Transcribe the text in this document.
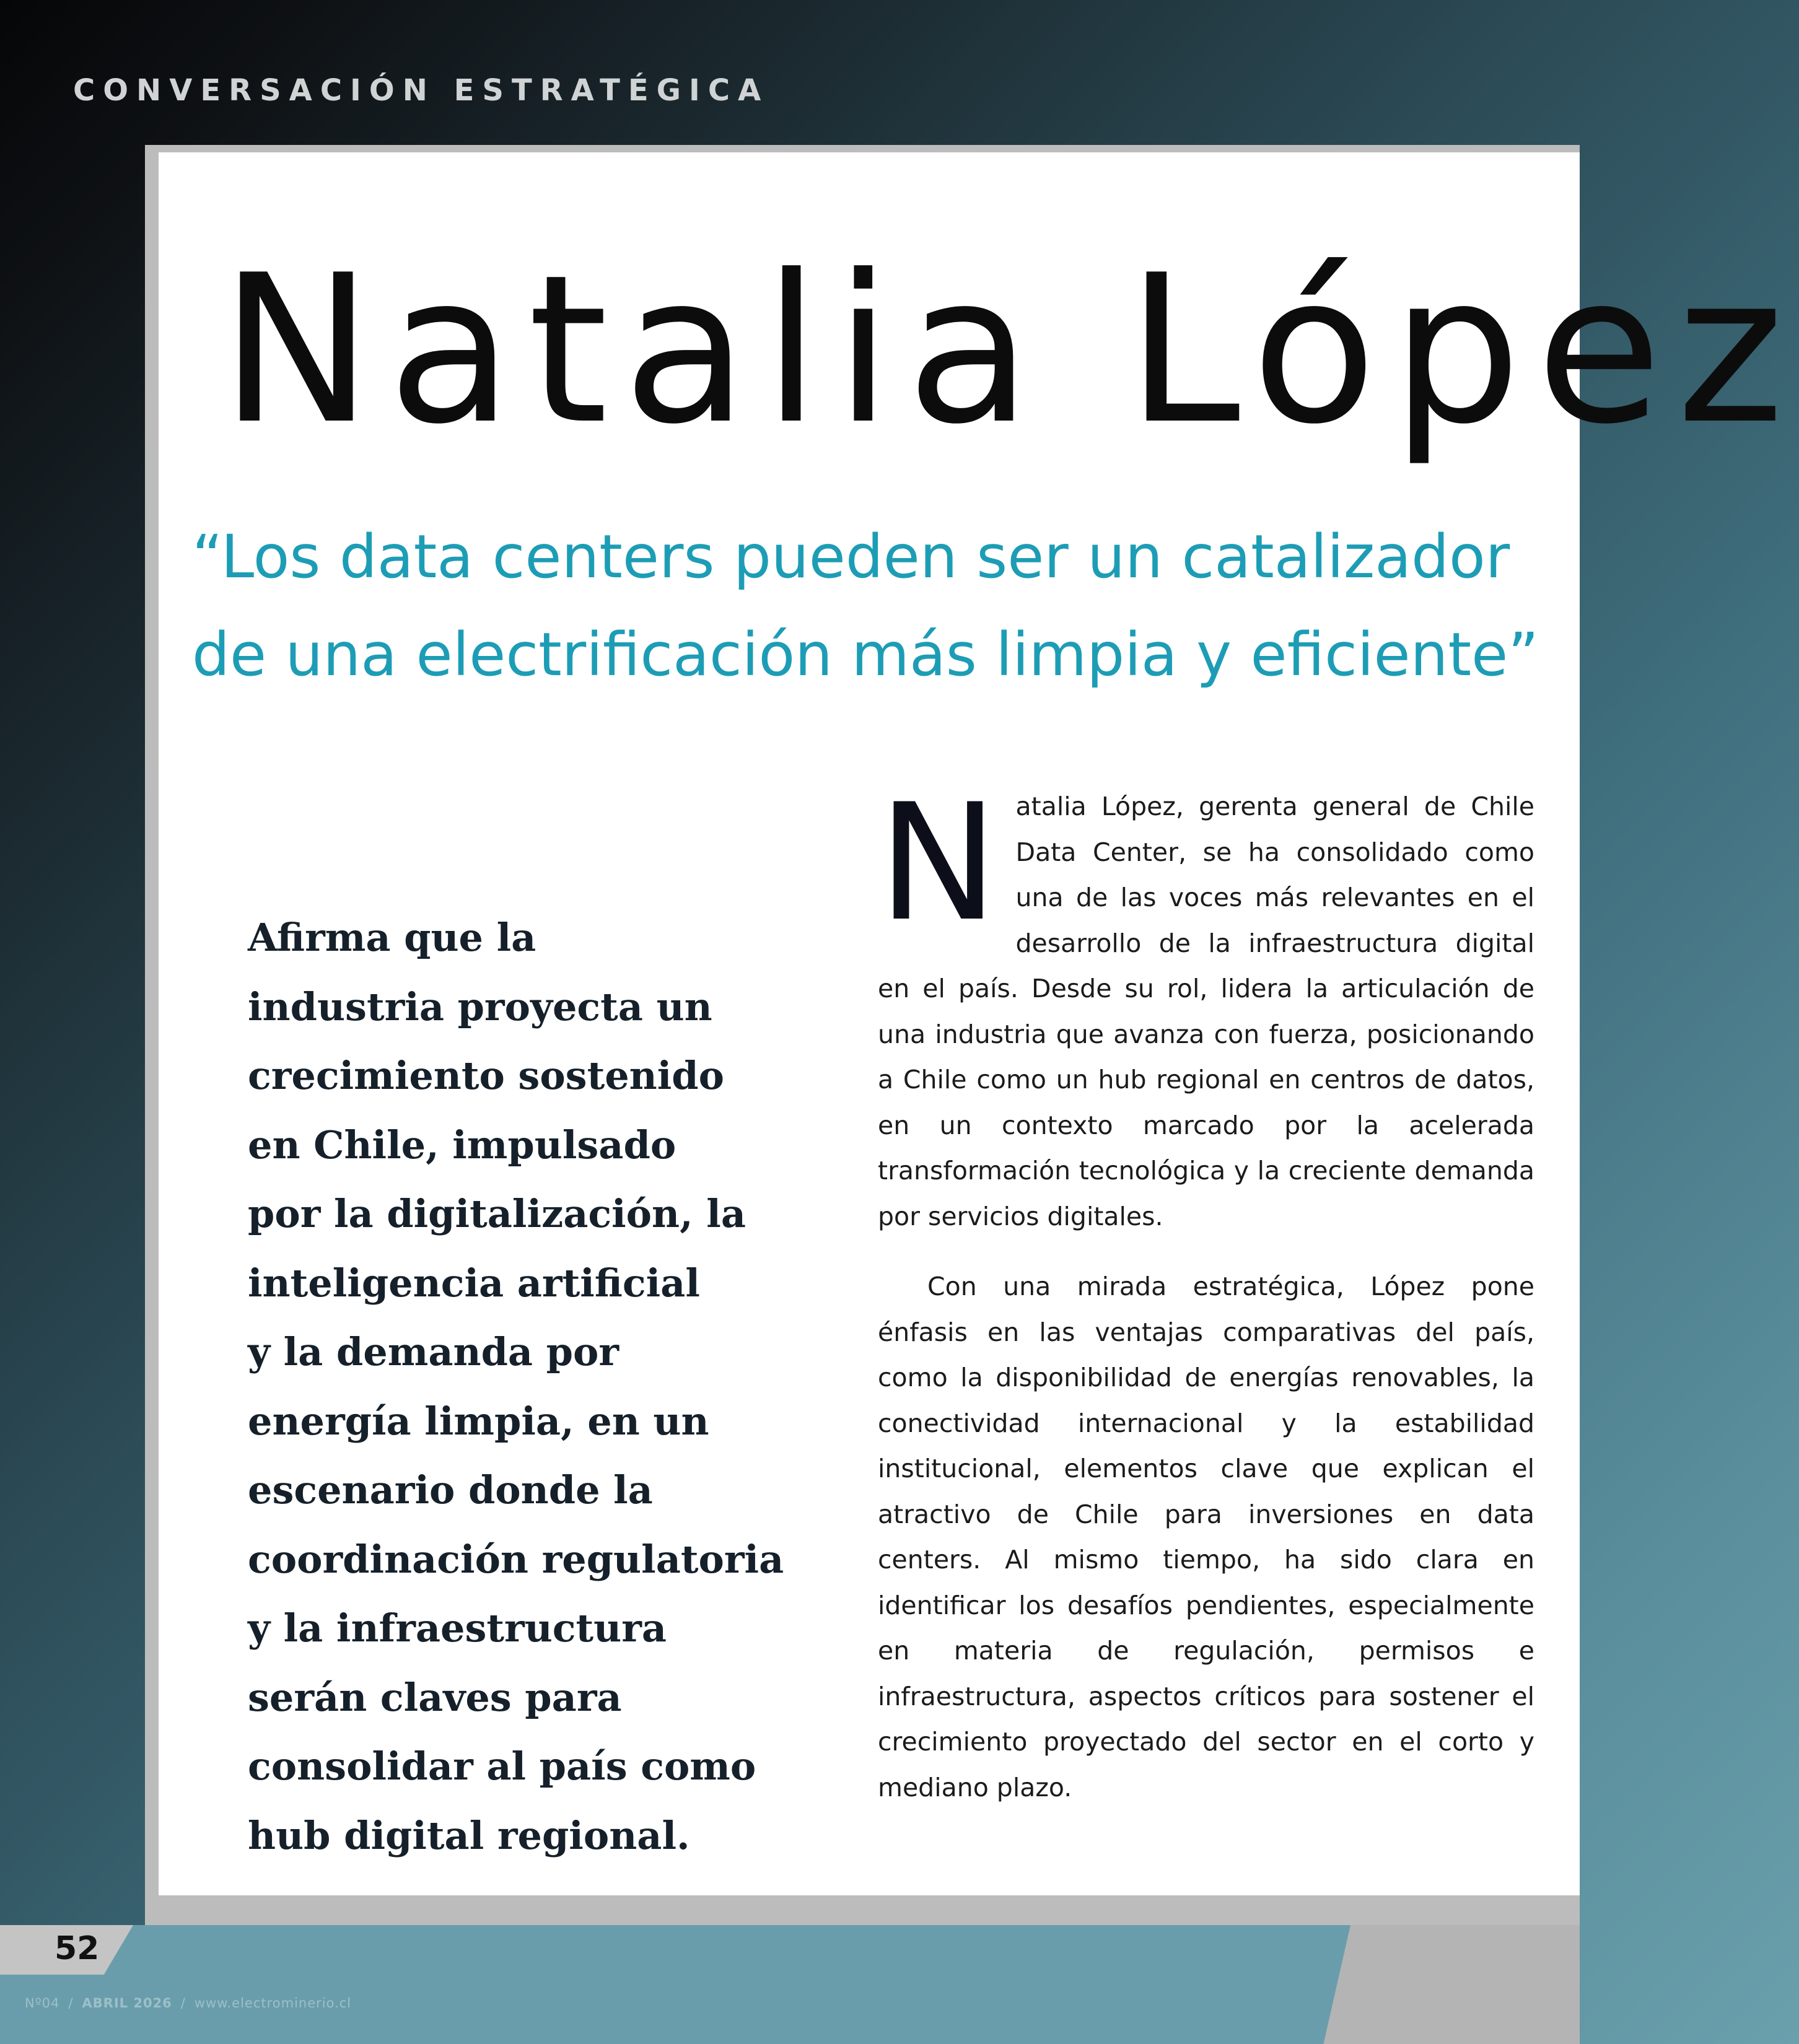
CONVERSACIÓN ESTRATÉGICA
Natalia López
“Los data centers pueden ser un catalizador
de una electrificación más limpia y eficiente”
Afirma que la
industria proyecta un
crecimiento sostenido
en Chile, impulsado
por la digitalización, la
inteligencia artificial
y la demanda por
energía limpia, en un
escenario donde la
coordinación regulatoria
y la infraestructura
serán claves para
consolidar al país como
hub digital regional.

Natalia López, gerenta general de Chile Data Center, se ha consolidado como una de las voces más relevantes en el desarrollo de la infraestructura digital en el país. Desde su rol, lidera la articulación de una industria que avanza con fuerza, posicionando a Chile como un hub regional en centros de datos, en un contexto marcado por la acelerada transformación tecnológica y la creciente demanda por servicios digitales.

Con una mirada estratégica, López pone énfasis en las ventajas comparativas del país, como la disponibilidad de energías renovables, la conectividad internacional y la estabilidad institucional, elementos clave que explican el atractivo de Chile para inversiones en data centers. Al mismo tiempo, ha sido clara en identificar los desafíos pendientes, especialmente en materia de regulación, permisos e infraestructura, aspectos críticos para sostener el crecimiento proyectado del sector en el corto y mediano plazo.

52
Nº04 / ABRIL 2026 / www.electrominerio.cl
